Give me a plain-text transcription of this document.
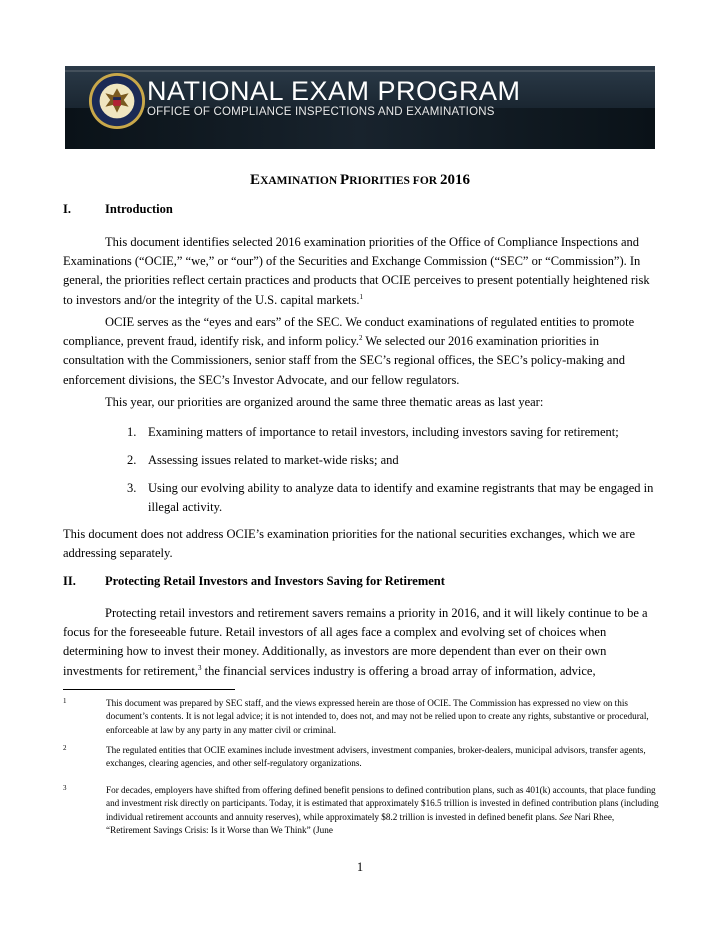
NATIONAL EXAM PROGRAM
OFFICE OF COMPLIANCE INSPECTIONS AND EXAMINATIONS
EXAMINATION PRIORITIES FOR 2016
I.	Introduction
This document identifies selected 2016 examination priorities of the Office of Compliance Inspections and Examinations (“OCIE,” “we,” or “our”) of the Securities and Exchange Commission (“SEC” or “Commission”). In general, the priorities reflect certain practices and products that OCIE perceives to present potentially heightened risk to investors and/or the integrity of the U.S. capital markets.$^1$
OCIE serves as the “eyes and ears” of the SEC. We conduct examinations of regulated entities to promote compliance, prevent fraud, identify risk, and inform policy.$^2$ We selected our 2016 examination priorities in consultation with the Commissioners, senior staff from the SEC’s regional offices, the SEC’s policy-making and enforcement divisions, the SEC’s Investor Advocate, and our fellow regulators.
This year, our priorities are organized around the same three thematic areas as last year:
1. Examining matters of importance to retail investors, including investors saving for retirement;
2. Assessing issues related to market-wide risks; and
3. Using our evolving ability to analyze data to identify and examine registrants that may be engaged in illegal activity.
This document does not address OCIE’s examination priorities for the national securities exchanges, which we are addressing separately.
II. Protecting Retail Investors and Investors Saving for Retirement
Protecting retail investors and retirement savers remains a priority in 2016, and it will likely continue to be a focus for the foreseeable future. Retail investors of all ages face a complex and evolving set of choices when determining how to invest their money. Additionally, as investors are more dependent than ever on their own investments for retirement,$^3$ the financial services industry is offering a broad array of information, advice,
1	This document was prepared by SEC staff, and the views expressed herein are those of OCIE. The Commission has expressed no view on this document’s contents. It is not legal advice; it is not intended to, does not, and may not be relied upon to create any rights, substantive or procedural, enforceable at law by any party in any matter civil or criminal.
2	The regulated entities that OCIE examines include investment advisers, investment companies, broker-dealers, municipal advisors, transfer agents, exchanges, clearing agencies, and other self-regulatory organizations.
3	For decades, employers have shifted from offering defined benefit pensions to defined contribution plans, such as 401(k) accounts, that place funding and investment risk directly on participants. Today, it is estimated that approximately $16.5 trillion is invested in defined contribution plans (including individual retirement accounts and annuity reserves), while approximately $8.2 trillion is invested in defined benefit plans. See Nari Rhee, “Retirement Savings Crisis: Is it Worse than We Think” (June
1
